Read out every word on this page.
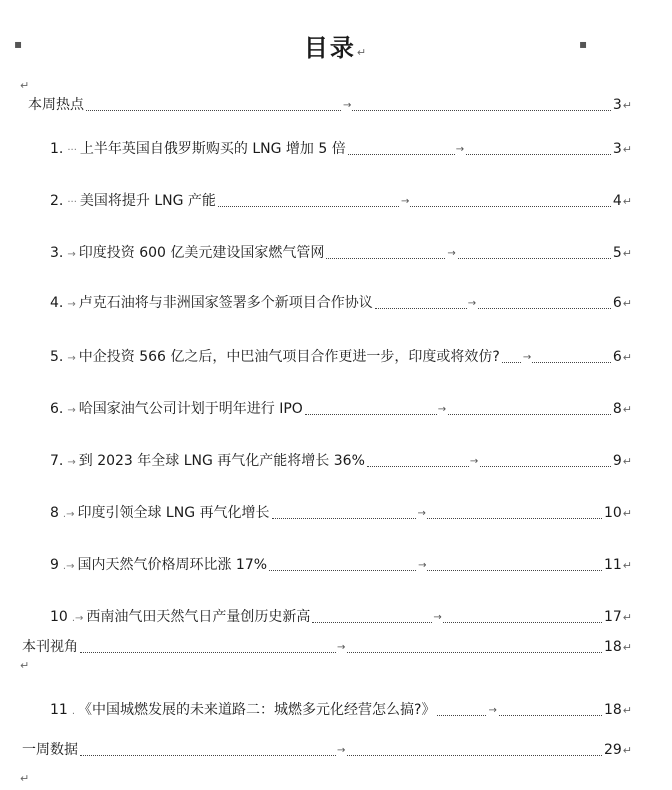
▪	▪
目录↵
↵
本周热点	→	3 ↵
1. ··· 上半年英国自俄罗斯购买的 LNG 增加 5 倍	→	3 ↵
2. ··· 美国将提升 LNG 产能	→	4 ↵
3. → 印度投资 600 亿美元建设国家燃气管网	→	5 ↵
4. → 卢克石油将与非洲国家签署多个新项目合作协议	→	6 ↵
5. → 中企投资 566 亿之后，中巴油气项目合作更进一步，印度或将效仿? →	6 ↵
6. → 哈国家油气公司计划于明年进行 IPO	→	8 ↵
7. → 到 2023 年全球 LNG 再气化产能将增长 36%	→	9 ↵
8 .→ 印度引领全球 LNG 再气化增长	→	10 ↵
9 .→ 国内天然气价格周环比涨 17%	→	11 ↵
10 .→ 西南油气田天然气日产量创历史新高	→	17 ↵
本刊视角	→	18 ↵
↵
11 . 《中国城燃发展的未来道路二：城燃多元化经营怎么搞?》	→	18 ↵
一周数据	→	29 ↵
↵
